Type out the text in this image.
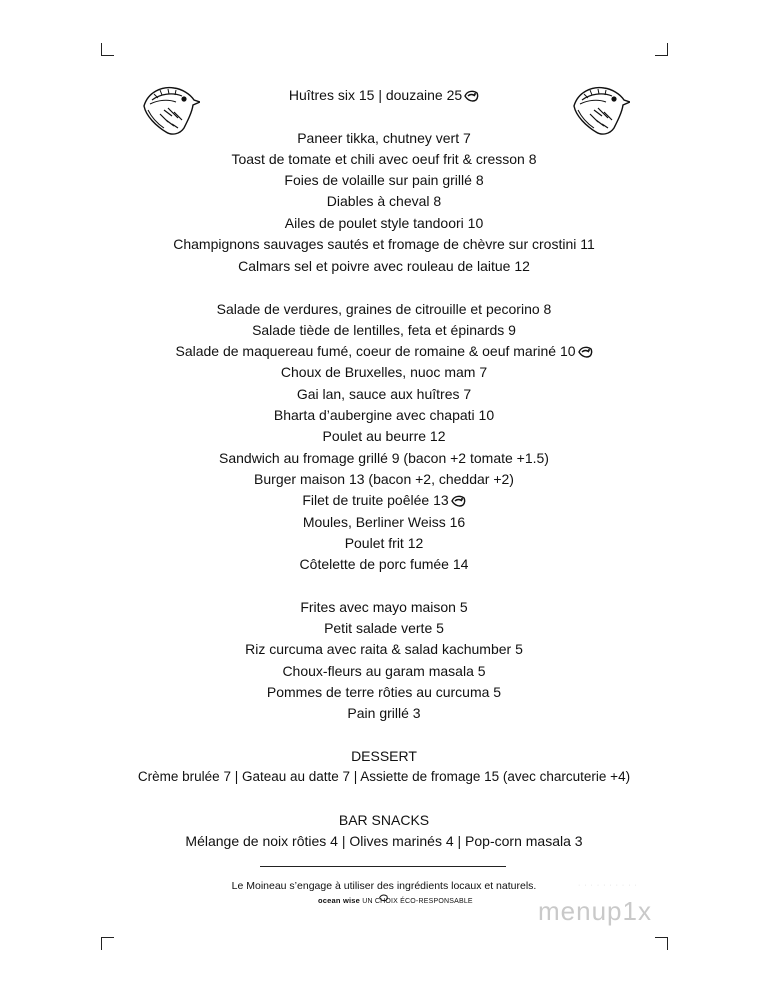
Huîtres six 15 | douzaine 25
Paneer tikka, chutney vert 7
Toast de tomate et chili avec oeuf frit & cresson 8
Foies de volaille sur pain grillé 8
Diables à cheval 8
Ailes de poulet style tandoori 10
Champignons sauvages sautés et fromage de chèvre sur crostini 11
Calmars sel et poivre avec rouleau de laitue 12
Salade de verdures, graines de citrouille et pecorino 8
Salade tiède de lentilles, feta et épinards 9
Salade de maquereau fumé, coeur de romaine & oeuf mariné 10
Choux de Bruxelles, nuoc mam 7
Gai lan, sauce aux huîtres 7
Bharta d’aubergine avec chapati 10
Poulet au beurre 12
Sandwich au fromage grillé 9 (bacon +2 tomate +1.5)
Burger maison 13 (bacon +2, cheddar +2)
Filet de truite poêlée 13
Moules, Berliner Weiss 16
Poulet frit 12
Côtelette de porc fumée 14
Frites avec mayo maison 5
Petit salade verte 5
Riz curcuma avec raita & salad kachumber 5
Choux-fleurs au garam masala 5
Pommes de terre rôties au curcuma 5
Pain grillé 3
DESSERT
Crème brulée 7 | Gateau au datte 7 | Assiette de fromage 15 (avec charcuterie +4)
BAR SNACKS
Mélange de noix rôties 4 | Olives marinés 4 | Pop-corn masala 3
Le Moineau s’engage à utiliser des ingrédients locaux et naturels.
ocean wise UN CHOIX ÉCO-RESPONSABLE
· · · · · · · · · ·
menup1x
